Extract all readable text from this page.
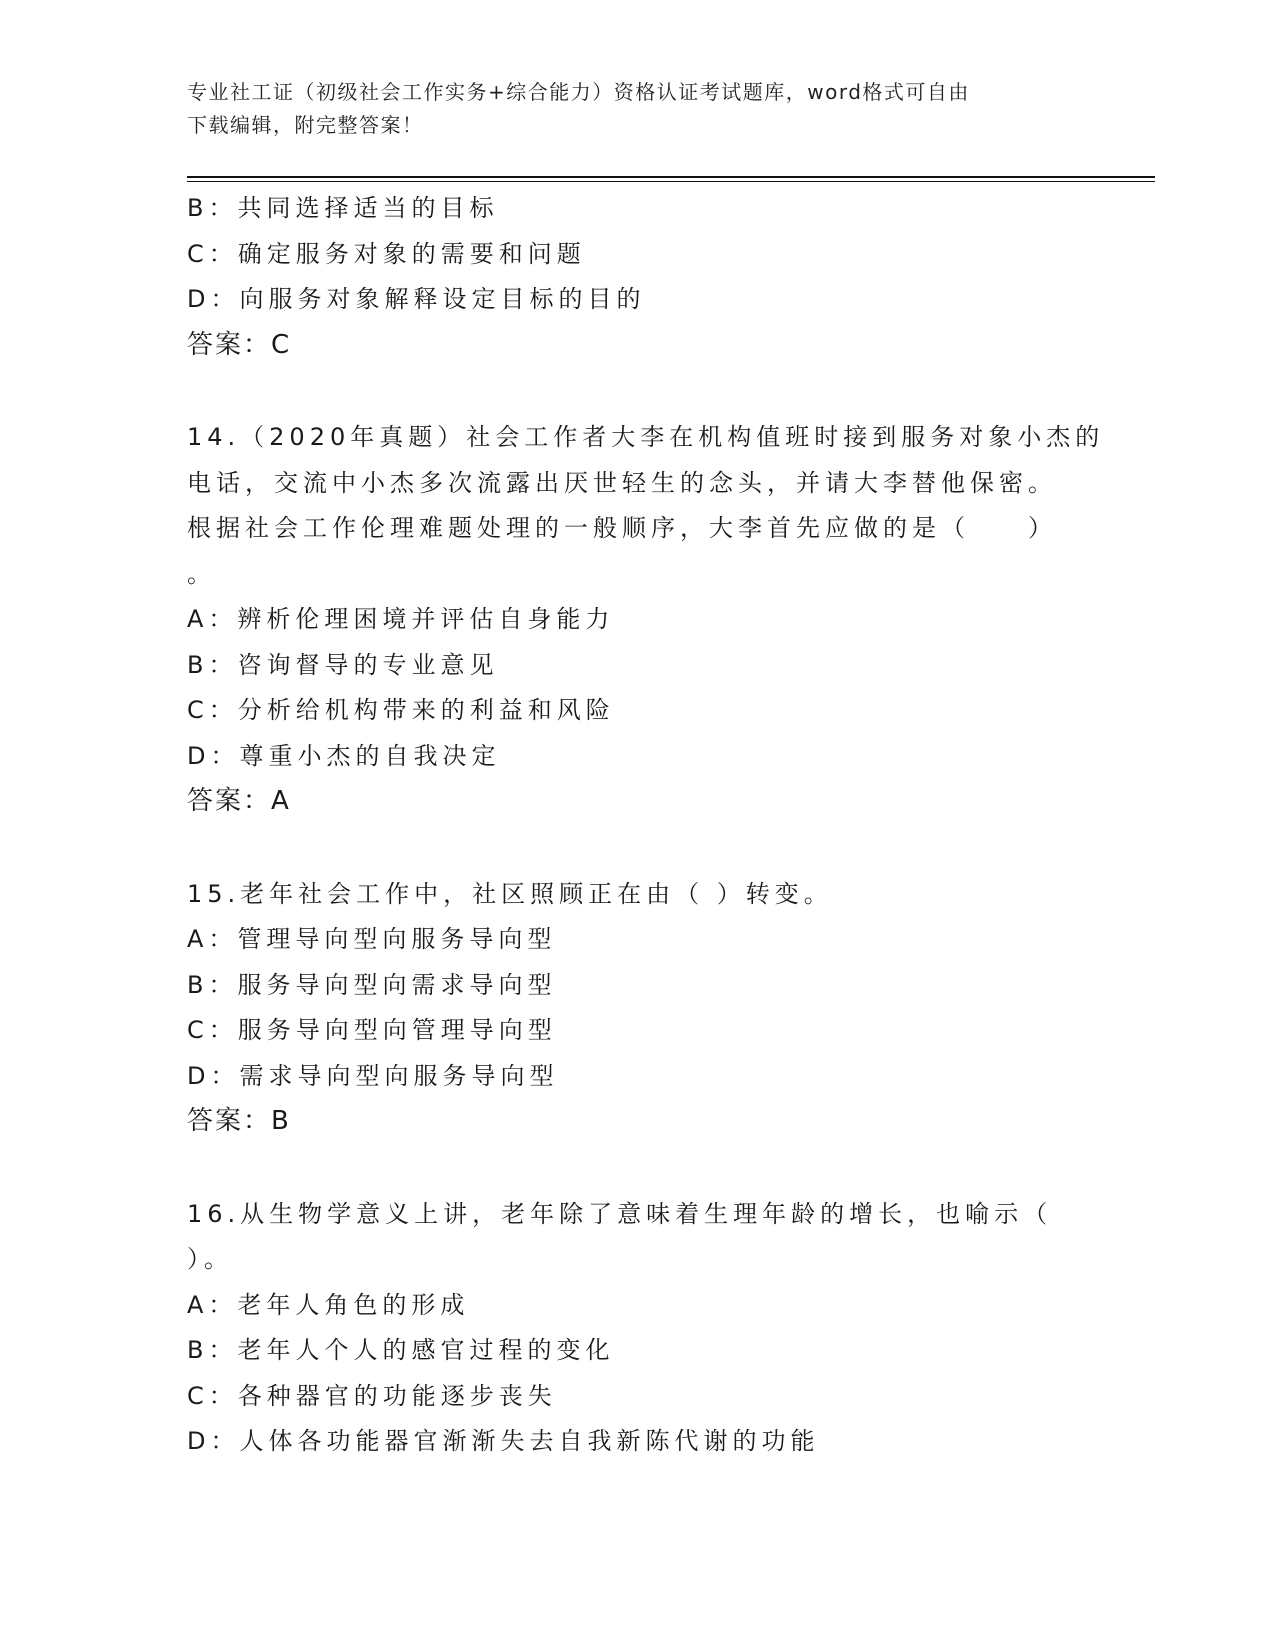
专业社工证（初级社会工作实务+综合能力）资格认证考试题库，word格式可自由
下载编辑，附完整答案！
B：共同选择适当的目标
C：确定服务对象的需要和问题
D：向服务对象解释设定目标的目的
答案：C
14.（2020年真题）社会工作者大李在机构值班时接到服务对象小杰的
电话，交流中小杰多次流露出厌世轻生的念头，并请大李替他保密。
根据社会工作伦理难题处理的一般顺序，大李首先应做的是（　　）
。
A：辨析伦理困境并评估自身能力
B：咨询督导的专业意见
C：分析给机构带来的利益和风险
D：尊重小杰的自我决定
答案：A
15.老年社会工作中，社区照顾正在由（ ）转变。
A：管理导向型向服务导向型
B：服务导向型向需求导向型
C：服务导向型向管理导向型
D：需求导向型向服务导向型
答案：B
16.从生物学意义上讲，老年除了意味着生理年龄的增长，也喻示（
）。
A：老年人角色的形成
B：老年人个人的感官过程的变化
C：各种器官的功能逐步丧失
D：人体各功能器官渐渐失去自我新陈代谢的功能
